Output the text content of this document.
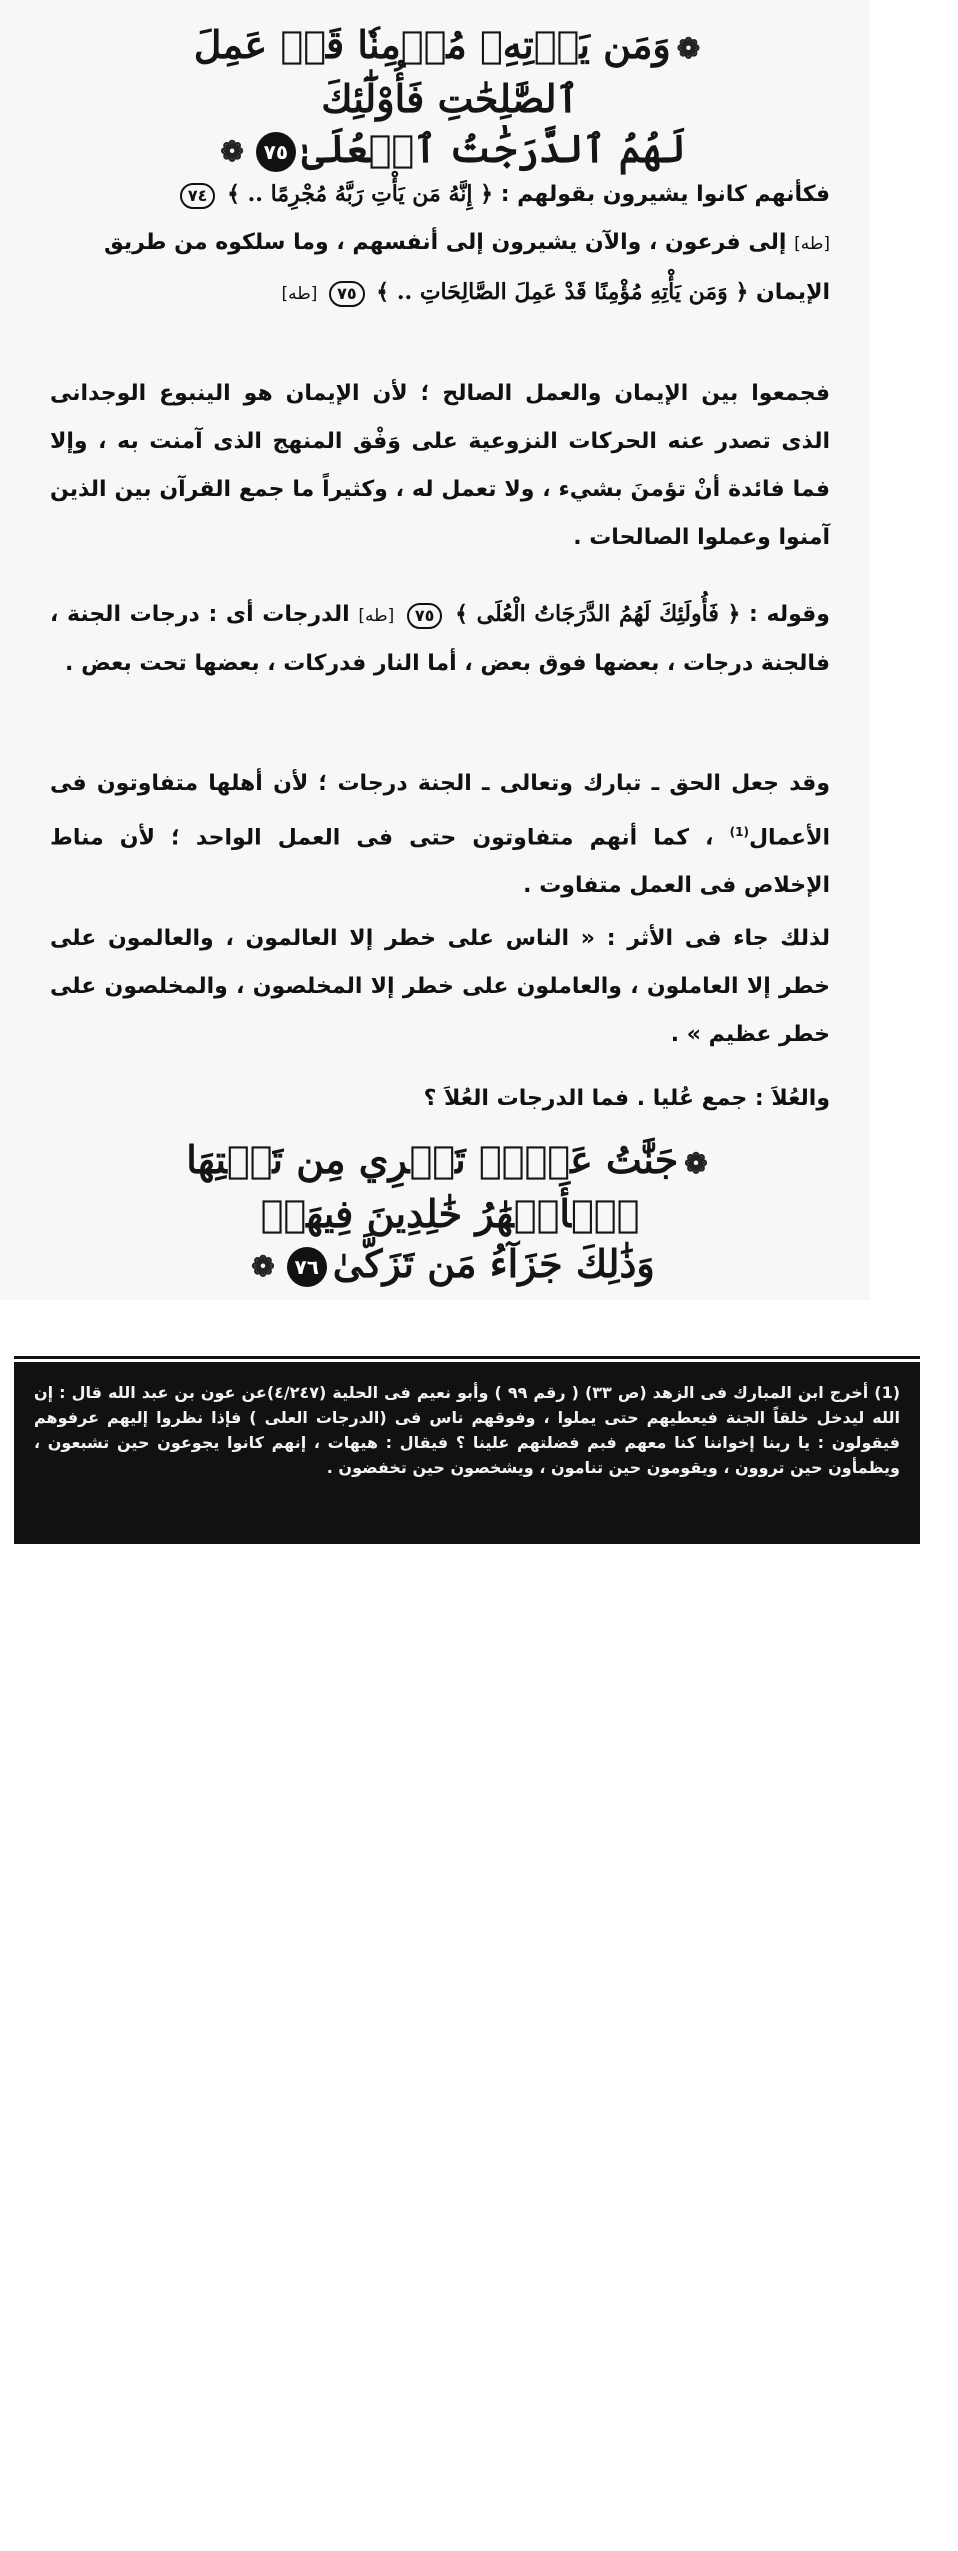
❁وَمَن يَأۡتِهِۦ مُؤۡمِنٗا قَدۡ عَمِلَ ٱلصَّٰلِحَٰتِ فَأُوْلَٰٓئِكَ
لَهُمُ ٱلدَّرَجَٰتُ ٱلۡعُلَىٰ٧٥❁

فكأنهم كانوا يشيرون بقولهم : ﴿ إِنَّهُ مَن يَأْتِ رَبَّهُ مُجْرِمًا .. ﴾ ٧٤

[طه] إلى فرعون ، والآن يشيرون إلى أنفسهم ، وما سلكوه من طريق

الإيمان ﴿ وَمَن يَأْتِهِ مُؤْمِنًا قَدْ عَمِلَ الصَّالِحَاتِ .. ﴾ ٧٥ [طه]

فجمعوا بين الإيمان والعمل الصالح ؛ لأن الإيمان هو الينبوع الوجدانى الذى تصدر عنه الحركات النزوعية على وَفْق المنهج الذى آمنت به ، وإلا فما فائدة أنْ تؤمنَ بشيء ، ولا تعمل له ، وكثيراً ما جمع القرآن بين الذين آمنوا وعملوا الصالحات .

وقوله : ﴿ فَأُولَئِكَ لَهُمُ الدَّرَجَاتُ الْعُلَى ﴾ ٧٥ [طه] الدرجات أى : درجات الجنة ، فالجنة درجات ، بعضها فوق بعض ، أما النار فدركات ، بعضها تحت بعض .

وقد جعل الحق ـ تبارك وتعالى ـ الجنة درجات ؛ لأن أهلها متفاوتون فى الأعمال$^{(1)}$ ، كما أنهم متفاوتون حتى فى العمل الواحد ؛ لأن مناط الإخلاص فى العمل متفاوت .

لذلك جاء فى الأثر : « الناس على خطر إلا العالمون ، والعالمون على خطر إلا العاملون ، والعاملون على خطر إلا المخلصون ، والمخلصون على خطر عظيم » .

والعُلاَ : جمع عُليا . فما الدرجات العُلاَ ؟

❁جَنَّٰتُ عَدۡنٖ تَجۡرِي مِن تَحۡتِهَا ٱلۡأَنۡهَٰرُ خَٰلِدِينَ فِيهَاۚ
وَذَٰلِكَ جَزَآءُ مَن تَزَكَّىٰ٧٦❁

(1) أخرج ابن المبارك فى الزهد (ص ٣٣) ( رقم ٩٩ ) وأبو نعيم فى الحلية (٤/٢٤٧)عن عون بن عبد الله قال : إن الله ليدخل خلقاً الجنة فيعطيهم حتى يملوا ، وفوقهم ناس فى (الدرجات العلى ) فإذا نظروا إليهم عرفوهم فيقولون : يا ربنا إخواننا كنا معهم فبم فضلتهم علينا ؟ فيقال : هيهات ، إنهم كانوا يجوعون حين تشبعون ، ويظمأون حين تروون ، ويقومون حين تنامون ، ويشخصون حين تخفضون .
